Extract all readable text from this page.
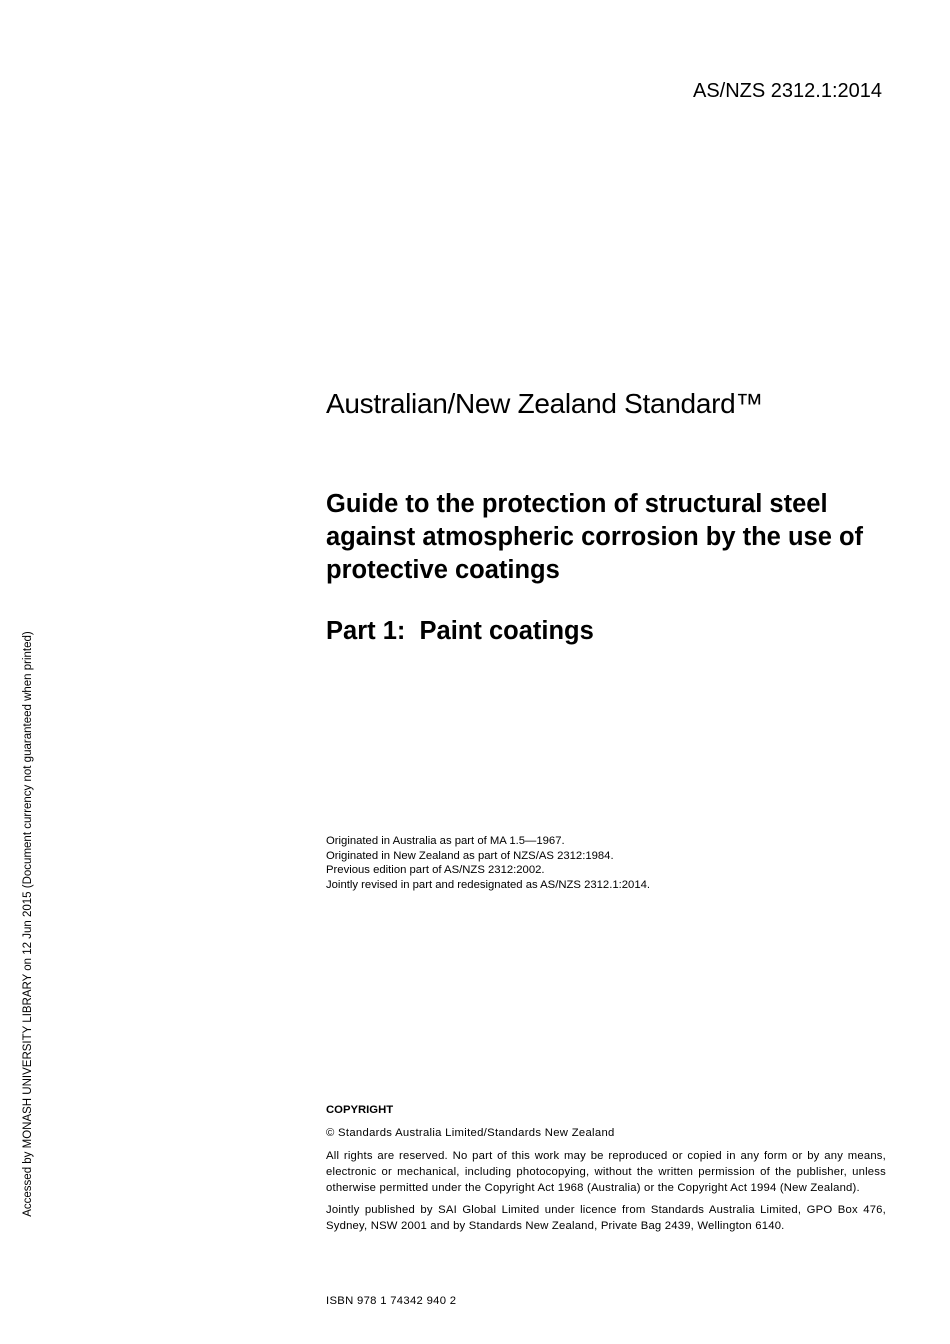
AS/NZS 2312.1:2014
Australian/New Zealand Standard™
Guide to the protection of structural steel against atmospheric corrosion by the use of protective coatings
Part 1:  Paint coatings
Originated in Australia as part of MA 1.5—1967.
Originated in New Zealand as part of NZS/AS 2312:1984.
Previous edition part of AS/NZS 2312:2002.
Jointly revised in part and redesignated as AS/NZS 2312.1:2014.
COPYRIGHT
© Standards Australia Limited/Standards New Zealand

All rights are reserved. No part of this work may be reproduced or copied in any form or by any means, electronic or mechanical, including photocopying, without the written permission of the publisher, unless otherwise permitted under the Copyright Act 1968 (Australia) or the Copyright Act 1994 (New Zealand).

Jointly published by SAI Global Limited under licence from Standards Australia Limited, GPO Box 476, Sydney, NSW 2001 and by Standards New Zealand, Private Bag 2439, Wellington 6140.

ISBN 978 1 74342 940 2
Accessed by MONASH UNIVERSITY LIBRARY on 12 Jun 2015 (Document currency not guaranteed when printed)
